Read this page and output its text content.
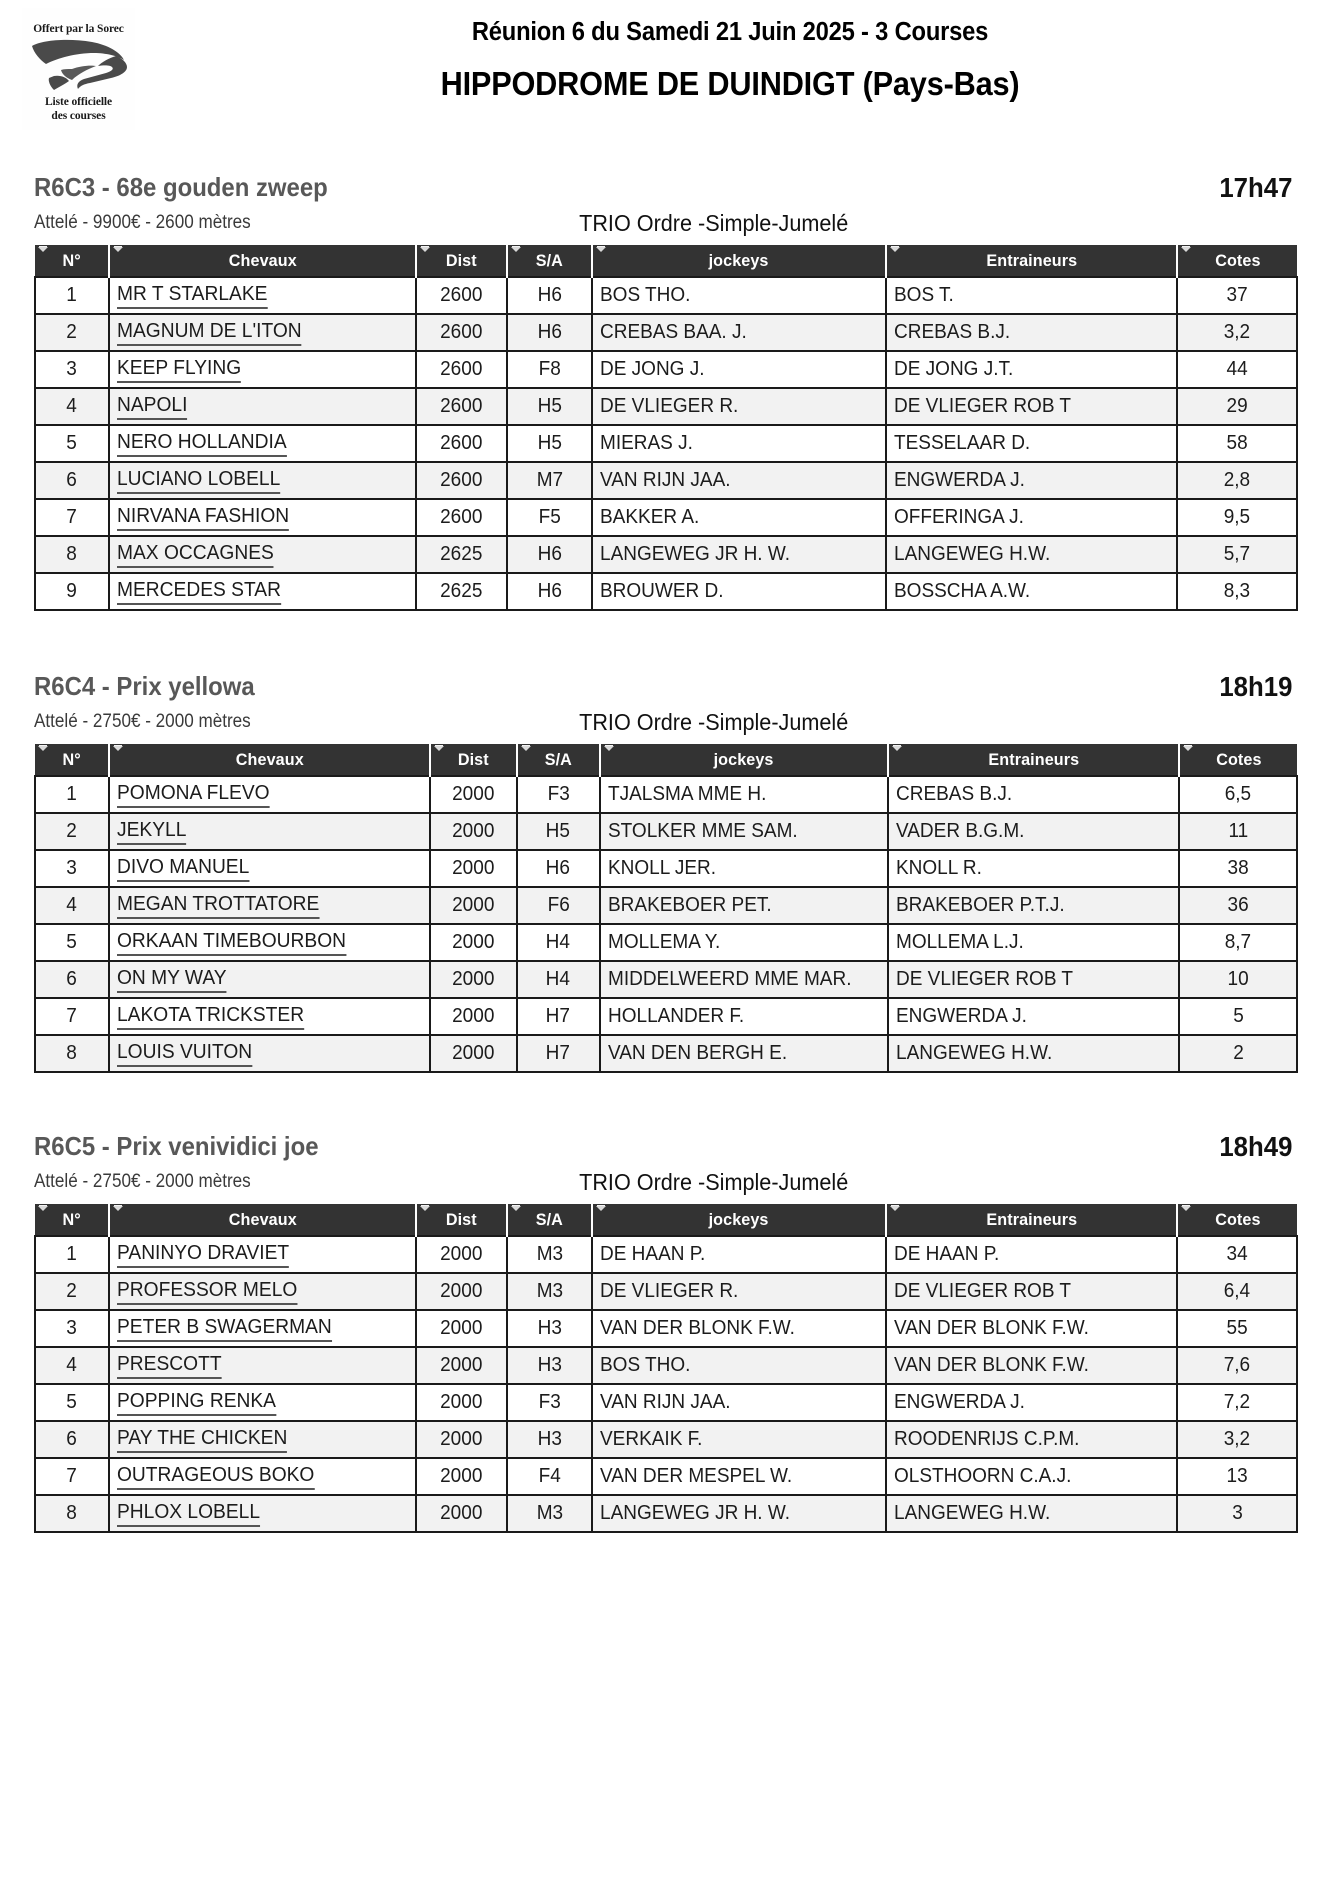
Offert par la Sorec
Liste officielle
des courses
Réunion 6 du Samedi 21 Juin 2025 - 3 Courses
HIPPODROME DE DUINDIGT (Pays-Bas)
R6C3 - 68e gouden zweep	17h47
Attelé - 9900€ - 2600 mètres	TRIO Ordre -Simple-Jumelé
N°	Chevaux	Dist	S/A	jockeys	Entraineurs	Cotes
1	MR T STARLAKE	2600	H6	BOS THO.	BOS T.	37
2	MAGNUM DE L'ITON	2600	H6	CREBAS BAA. J.	CREBAS B.J.	3,2
3	KEEP FLYING	2600	F8	DE JONG J.	DE JONG J.T.	44
4	NAPOLI	2600	H5	DE VLIEGER R.	DE VLIEGER ROB T	29
5	NERO HOLLANDIA	2600	H5	MIERAS J.	TESSELAAR D.	58
6	LUCIANO LOBELL	2600	M7	VAN RIJN JAA.	ENGWERDA J.	2,8
7	NIRVANA FASHION	2600	F5	BAKKER A.	OFFERINGA J.	9,5
8	MAX OCCAGNES	2625	H6	LANGEWEG JR H. W.	LANGEWEG H.W.	5,7
9	MERCEDES STAR	2625	H6	BROUWER D.	BOSSCHA A.W.	8,3
R6C4 - Prix yellowa	18h19
Attelé - 2750€ - 2000 mètres	TRIO Ordre -Simple-Jumelé
N°	Chevaux	Dist	S/A	jockeys	Entraineurs	Cotes
1	POMONA FLEVO	2000	F3	TJALSMA MME H.	CREBAS B.J.	6,5
2	JEKYLL	2000	H5	STOLKER MME SAM.	VADER B.G.M.	11
3	DIVO MANUEL	2000	H6	KNOLL JER.	KNOLL R.	38
4	MEGAN TROTTATORE	2000	F6	BRAKEBOER PET.	BRAKEBOER P.T.J.	36
5	ORKAAN TIMEBOURBON	2000	H4	MOLLEMA Y.	MOLLEMA L.J.	8,7
6	ON MY WAY	2000	H4	MIDDELWEERD MME MAR.	DE VLIEGER ROB T	10
7	LAKOTA TRICKSTER	2000	H7	HOLLANDER F.	ENGWERDA J.	5
8	LOUIS VUITON	2000	H7	VAN DEN BERGH E.	LANGEWEG H.W.	2
R6C5 - Prix venividici joe	18h49
Attelé - 2750€ - 2000 mètres	TRIO Ordre -Simple-Jumelé
N°	Chevaux	Dist	S/A	jockeys	Entraineurs	Cotes
1	PANINYO DRAVIET	2000	M3	DE HAAN P.	DE HAAN P.	34
2	PROFESSOR MELO	2000	M3	DE VLIEGER R.	DE VLIEGER ROB T	6,4
3	PETER B SWAGERMAN	2000	H3	VAN DER BLONK F.W.	VAN DER BLONK F.W.	55
4	PRESCOTT	2000	H3	BOS THO.	VAN DER BLONK F.W.	7,6
5	POPPING RENKA	2000	F3	VAN RIJN JAA.	ENGWERDA J.	7,2
6	PAY THE CHICKEN	2000	H3	VERKAIK F.	ROODENRIJS C.P.M.	3,2
7	OUTRAGEOUS BOKO	2000	F4	VAN DER MESPEL W.	OLSTHOORN C.A.J.	13
8	PHLOX LOBELL	2000	M3	LANGEWEG JR H. W.	LANGEWEG H.W.	3
